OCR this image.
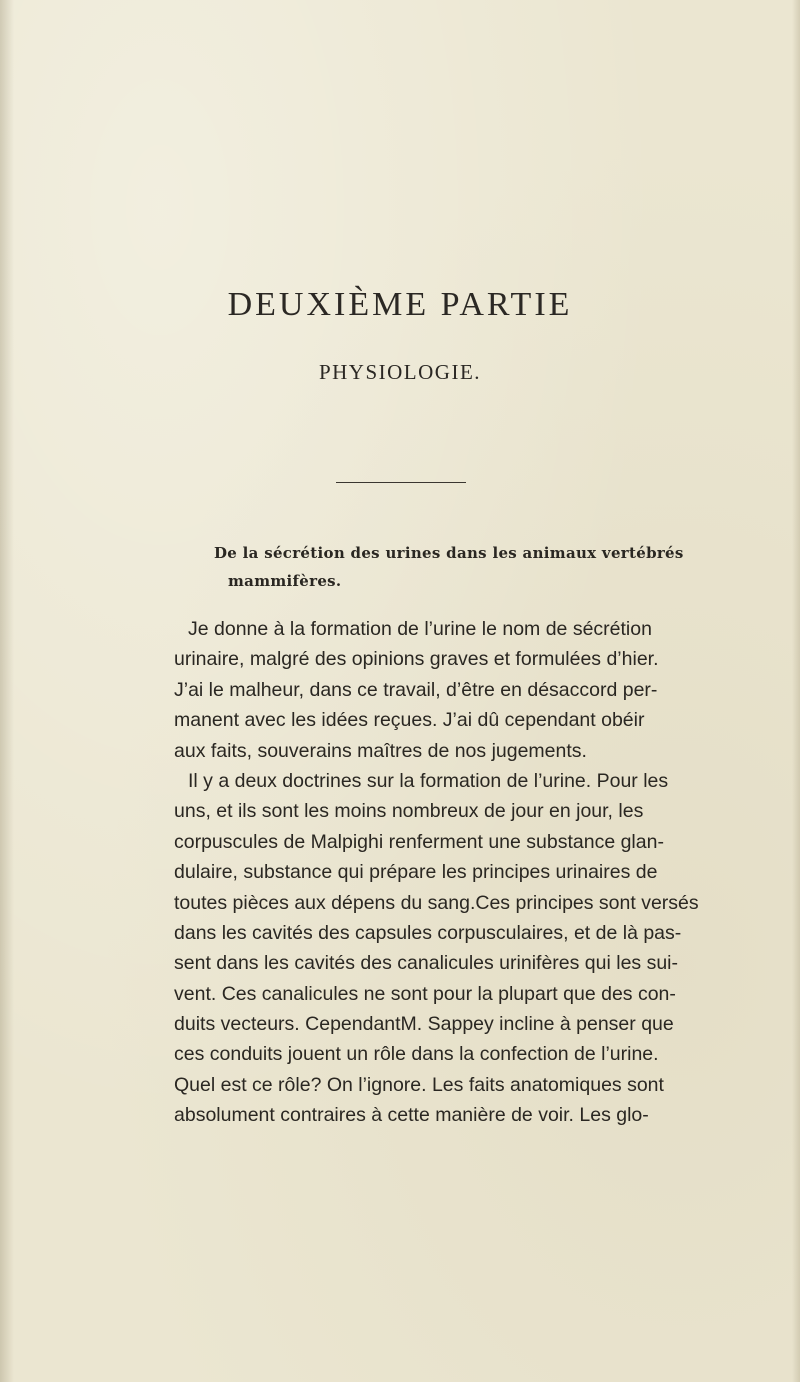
DEUXIÈME PARTIE
PHYSIOLOGIE.
De la sécrétion des urines dans les animaux vertébrés
mammifères.
Je donne à la formation de l’urine le nom de sécrétion
urinaire, malgré des opinions graves et formulées d’hier.
J’ai le malheur, dans ce travail, d’être en désaccord per-
manent avec les idées reçues. J’ai dû cependant obéir
aux faits, souverains maîtres de nos jugements.
Il y a deux doctrines sur la formation de l’urine. Pour les
uns, et ils sont les moins nombreux de jour en jour, les
corpuscules de Malpighi renferment une substance glan-
dulaire, substance qui prépare les principes urinaires de
toutes pièces aux dépens du sang.Ces principes sont versés
dans les cavités des capsules corpusculaires, et de là pas-
sent dans les cavités des canalicules urinifères qui les sui-
vent. Ces canalicules ne sont pour la plupart que des con-
duits vecteurs. CependantM. Sappey incline à penser que
ces conduits jouent un rôle dans la confection de l’urine.
Quel est ce rôle? On l’ignore. Les faits anatomiques sont
absolument contraires à cette manière de voir. Les glo-
